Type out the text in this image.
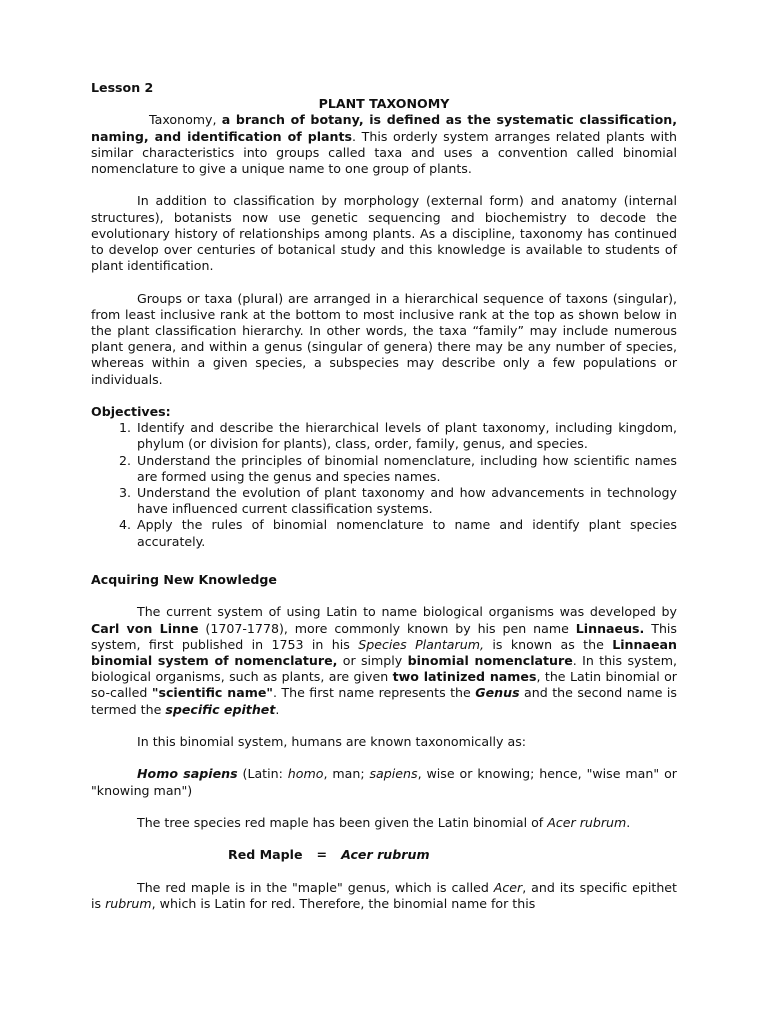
Lesson 2

PLANT TAXONOMY

Taxonomy, a branch of botany, is defined as the systematic classification, naming, and identification of plants. This orderly system arranges related plants with similar characteristics into groups called taxa and uses a convention called binomial nomenclature to give a unique name to one group of plants.

In addition to classification by morphology (external form) and anatomy (internal structures), botanists now use genetic sequencing and biochemistry to decode the evolutionary history of relationships among plants. As a discipline, taxonomy has continued to develop over centuries of botanical study and this knowledge is available to students of plant identification.

Groups or taxa (plural) are arranged in a hierarchical sequence of taxons (singular), from least inclusive rank at the bottom to most inclusive rank at the top as shown below in the plant classification hierarchy. In other words, the taxa “family” may include numerous plant genera, and within a genus (singular of genera) there may be any number of species, whereas within a given species, a subspecies may describe only a few populations or individuals.

Objectives:

1. Identify and describe the hierarchical levels of plant taxonomy, including kingdom, phylum (or division for plants), class, order, family, genus, and species.
2. Understand the principles of binomial nomenclature, including how scientific names are formed using the genus and species names.
3. Understand the evolution of plant taxonomy and how advancements in technology have influenced current classification systems.
4. Apply the rules of binomial nomenclature to name and identify plant species accurately.

Acquiring New Knowledge

The current system of using Latin to name biological organisms was developed by Carl von Linne (1707-1778), more commonly known by his pen name Linnaeus. This system, first published in 1753 in his Species Plantarum, is known as the Linnaean binomial system of nomenclature, or simply binomial nomenclature. In this system, biological organisms, such as plants, are given two latinized names, the Latin binomial or so-called "scientific name". The first name represents the Genus and the second name is termed the specific epithet.

In this binomial system, humans are known taxonomically as:

Homo sapiens (Latin: homo, man; sapiens, wise or knowing; hence, "wise man" or "knowing man")

The tree species red maple has been given the Latin binomial of Acer rubrum.

Red Maple = Acer rubrum

The red maple is in the "maple" genus, which is called Acer, and its specific epithet is rubrum, which is Latin for red. Therefore, the binomial name for this
